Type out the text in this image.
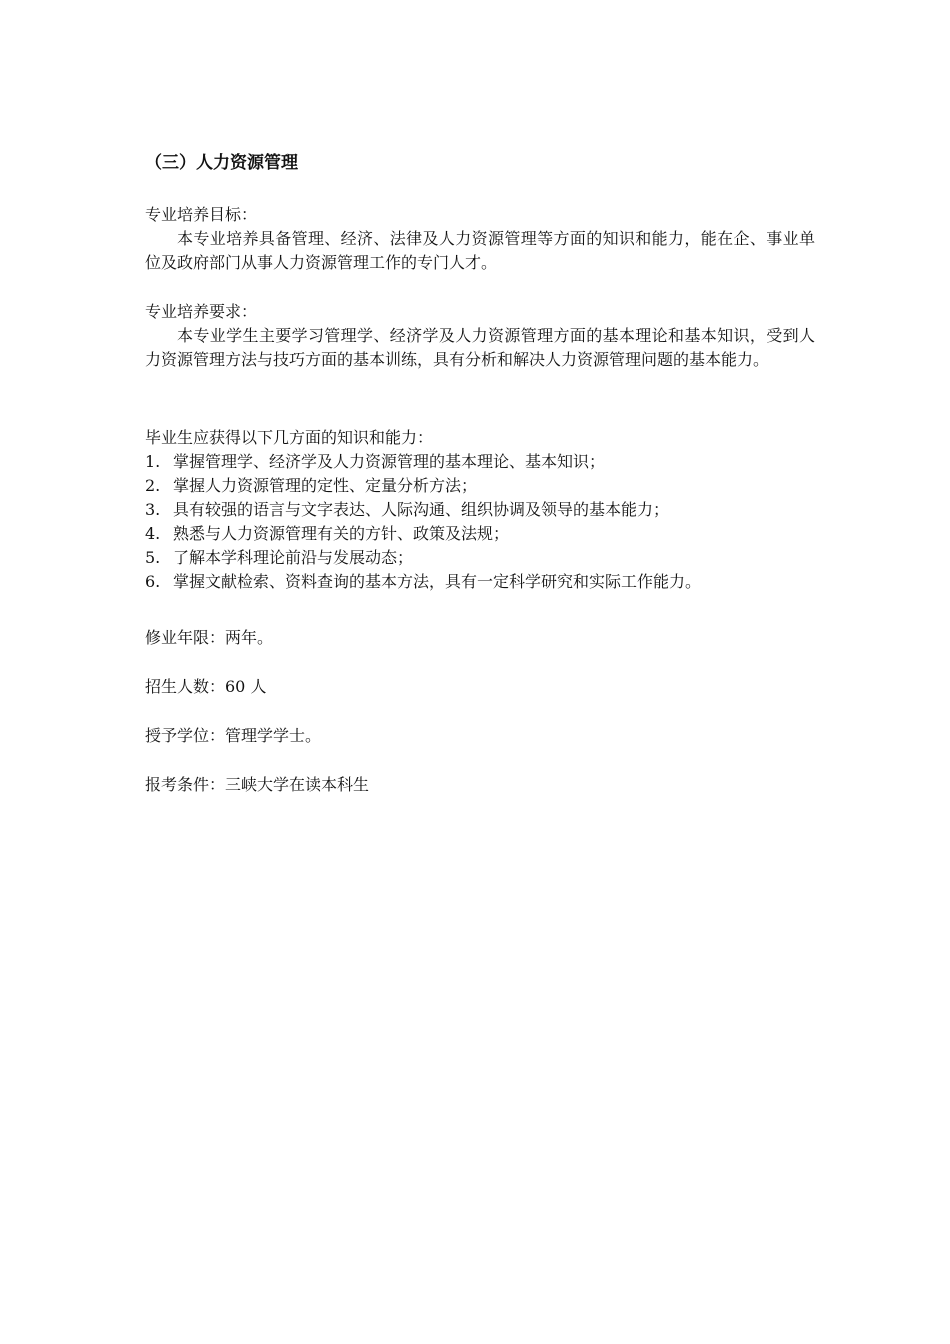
（三）人力资源管理

专业培养目标：

本专业培养具备管理、经济、法律及人力资源管理等方面的知识和能力，能在企、事业单位及政府部门从事人力资源管理工作的专门人才。

专业培养要求：

本专业学生主要学习管理学、经济学及人力资源管理方面的基本理论和基本知识，受到人力资源管理方法与技巧方面的基本训练，具有分析和解决人力资源管理问题的基本能力。

毕业生应获得以下几方面的知识和能力：

1. 掌握管理学、经济学及人力资源管理的基本理论、基本知识；
2. 掌握人力资源管理的定性、定量分析方法；
3. 具有较强的语言与文字表达、人际沟通、组织协调及领导的基本能力；
4. 熟悉与人力资源管理有关的方针、政策及法规；
5. 了解本学科理论前沿与发展动态；
6. 掌握文献检索、资料查询的基本方法，具有一定科学研究和实际工作能力。
修业年限：两年。
招生人数：60 人
授予学位：管理学学士。
报考条件：三峡大学在读本科生
